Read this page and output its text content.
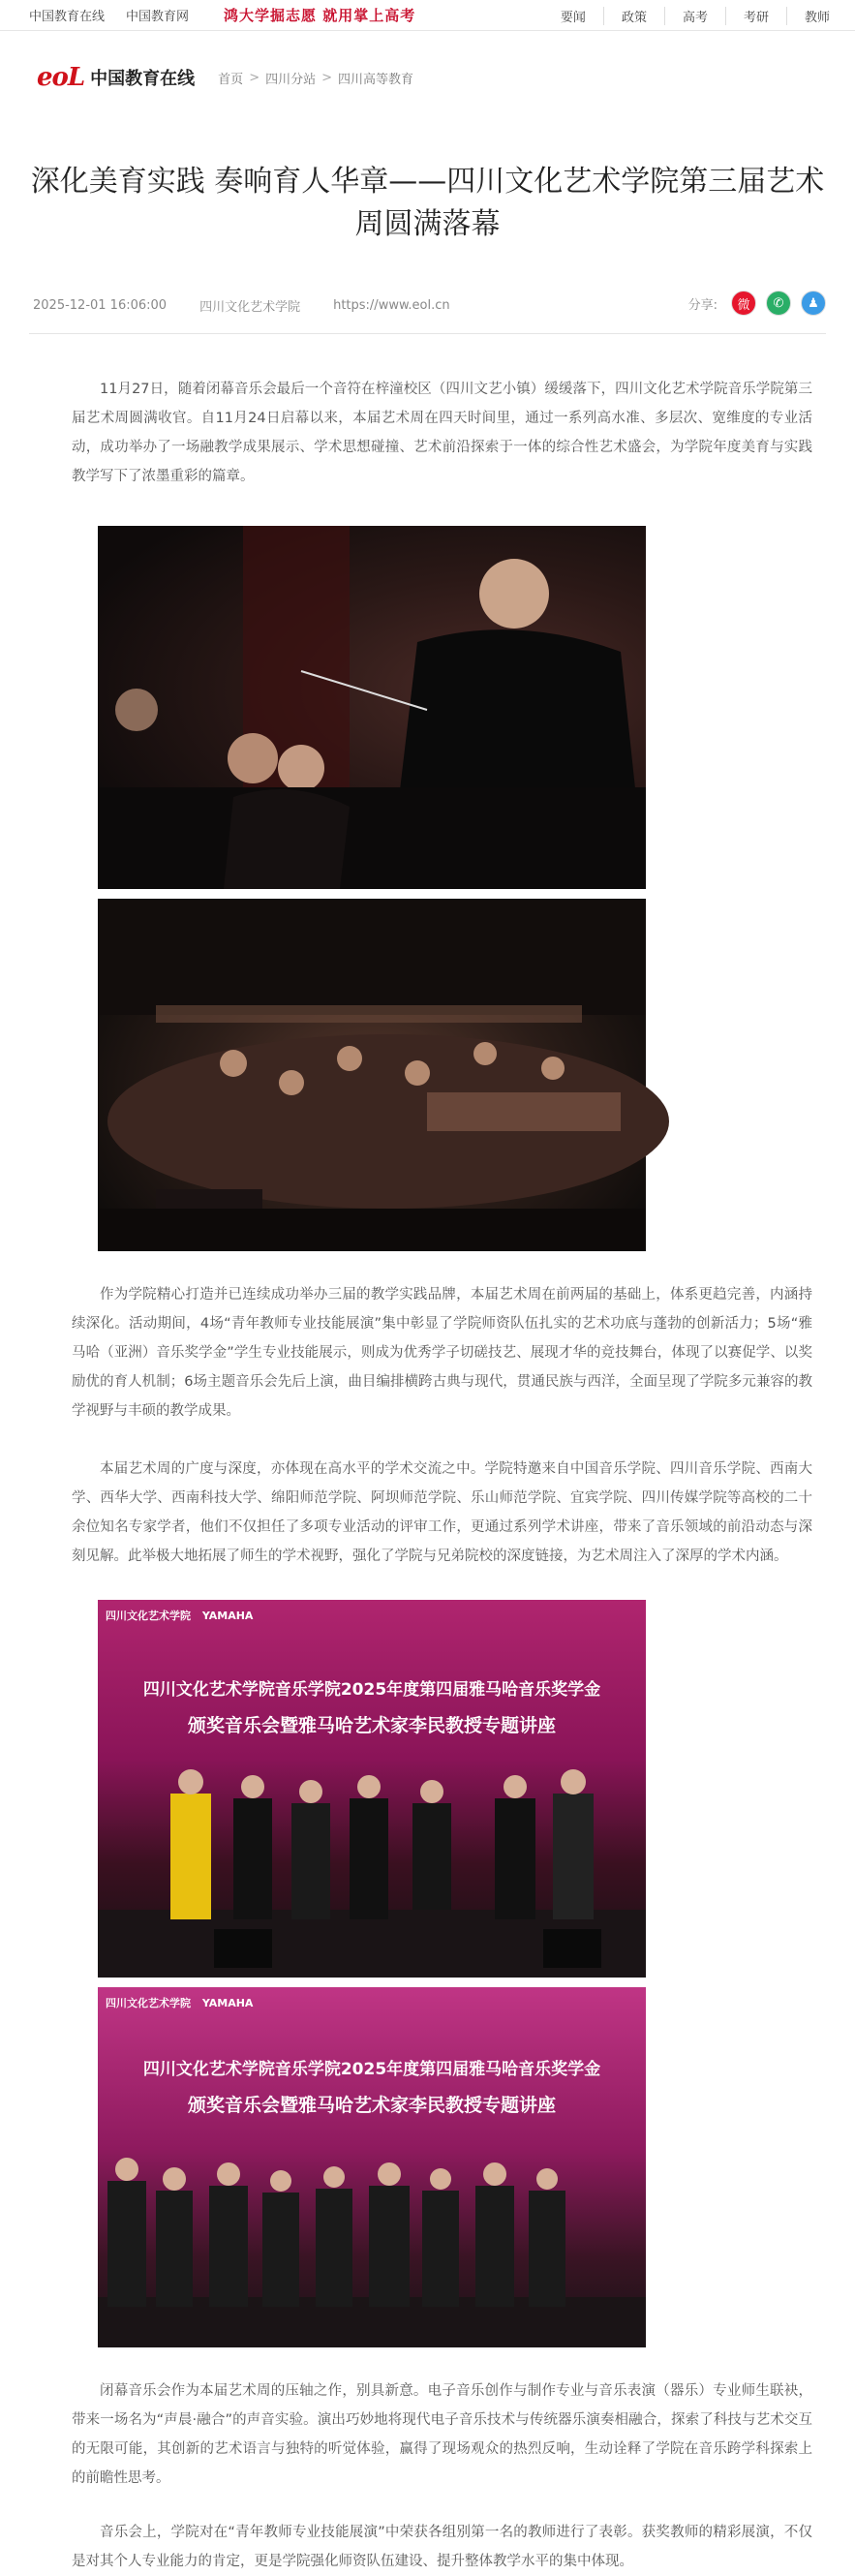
中国教育在线 中国教育网 鸿大学掘志愿 就用掌上高考	要闻	政策	高考	考研	教师
eoL 中国教育在线 首页 > 四川分站 > 四川高等教育
深化美育实践 奏响育人华章——四川文化艺术学院第三届艺术周圆满落幕
2025-12-01 16:06:00	四川文化艺术学院	https://www.eol.cn	分享:	微	✆	♟

11月27日，随着闭幕音乐会最后一个音符在梓潼校区（四川文艺小镇）缓缓落下，四川文化艺术学院音乐学院第三届艺术周圆满收官。自11月24日启幕以来，本届艺术周在四天时间里，通过一系列高水准、多层次、宽维度的专业活动，成功举办了一场融教学成果展示、学术思想碰撞、艺术前沿探索于一体的综合性艺术盛会，为学院年度美育与实践教学写下了浓墨重彩的篇章。

作为学院精心打造并已连续成功举办三届的教学实践品牌，本届艺术周在前两届的基础上，体系更趋完善，内涵持续深化。活动期间，4场“青年教师专业技能展演”集中彰显了学院师资队伍扎实的艺术功底与蓬勃的创新活力；5场“雅马哈（亚洲）音乐奖学金”学生专业技能展示，则成为优秀学子切磋技艺、展现才华的竞技舞台，体现了以赛促学、以奖励优的育人机制；6场主题音乐会先后上演，曲目编排横跨古典与现代，贯通民族与西洋，全面呈现了学院多元兼容的教学视野与丰硕的教学成果。

本届艺术周的广度与深度，亦体现在高水平的学术交流之中。学院特邀来自中国音乐学院、四川音乐学院、西南大学、西华大学、西南科技大学、绵阳师范学院、阿坝师范学院、乐山师范学院、宜宾学院、四川传媒学院等高校的二十余位知名专家学者，他们不仅担任了多项专业活动的评审工作，更通过系列学术讲座，带来了音乐领域的前沿动态与深刻见解。此举极大地拓展了师生的学术视野，强化了学院与兄弟院校的深度链接，为艺术周注入了深厚的学术内涵。

四川文化艺术学院 YAMAHA
四川文化艺术学院音乐学院2025年度第四届雅马哈音乐奖学金
颁奖音乐会暨雅马哈艺术家李民教授专题讲座
四川文化艺术学院 YAMAHA
四川文化艺术学院音乐学院2025年度第四届雅马哈音乐奖学金
颁奖音乐会暨雅马哈艺术家李民教授专题讲座

闭幕音乐会作为本届艺术周的压轴之作，别具新意。电子音乐创作与制作专业与音乐表演（器乐）专业师生联袂，带来一场名为“声晨·融合”的声音实验。演出巧妙地将现代电子音乐技术与传统器乐演奏相融合，探索了科技与艺术交互的无限可能，其创新的艺术语言与独特的听觉体验，赢得了现场观众的热烈反响，生动诠释了学院在音乐跨学科探索上的前瞻性思考。

音乐会上，学院对在“青年教师专业技能展演”中荣获各组别第一名的教师进行了表彰。获奖教师的精彩展演，不仅是对其个人专业能力的肯定，更是学院强化师资队伍建设、提升整体教学水平的集中体现。
